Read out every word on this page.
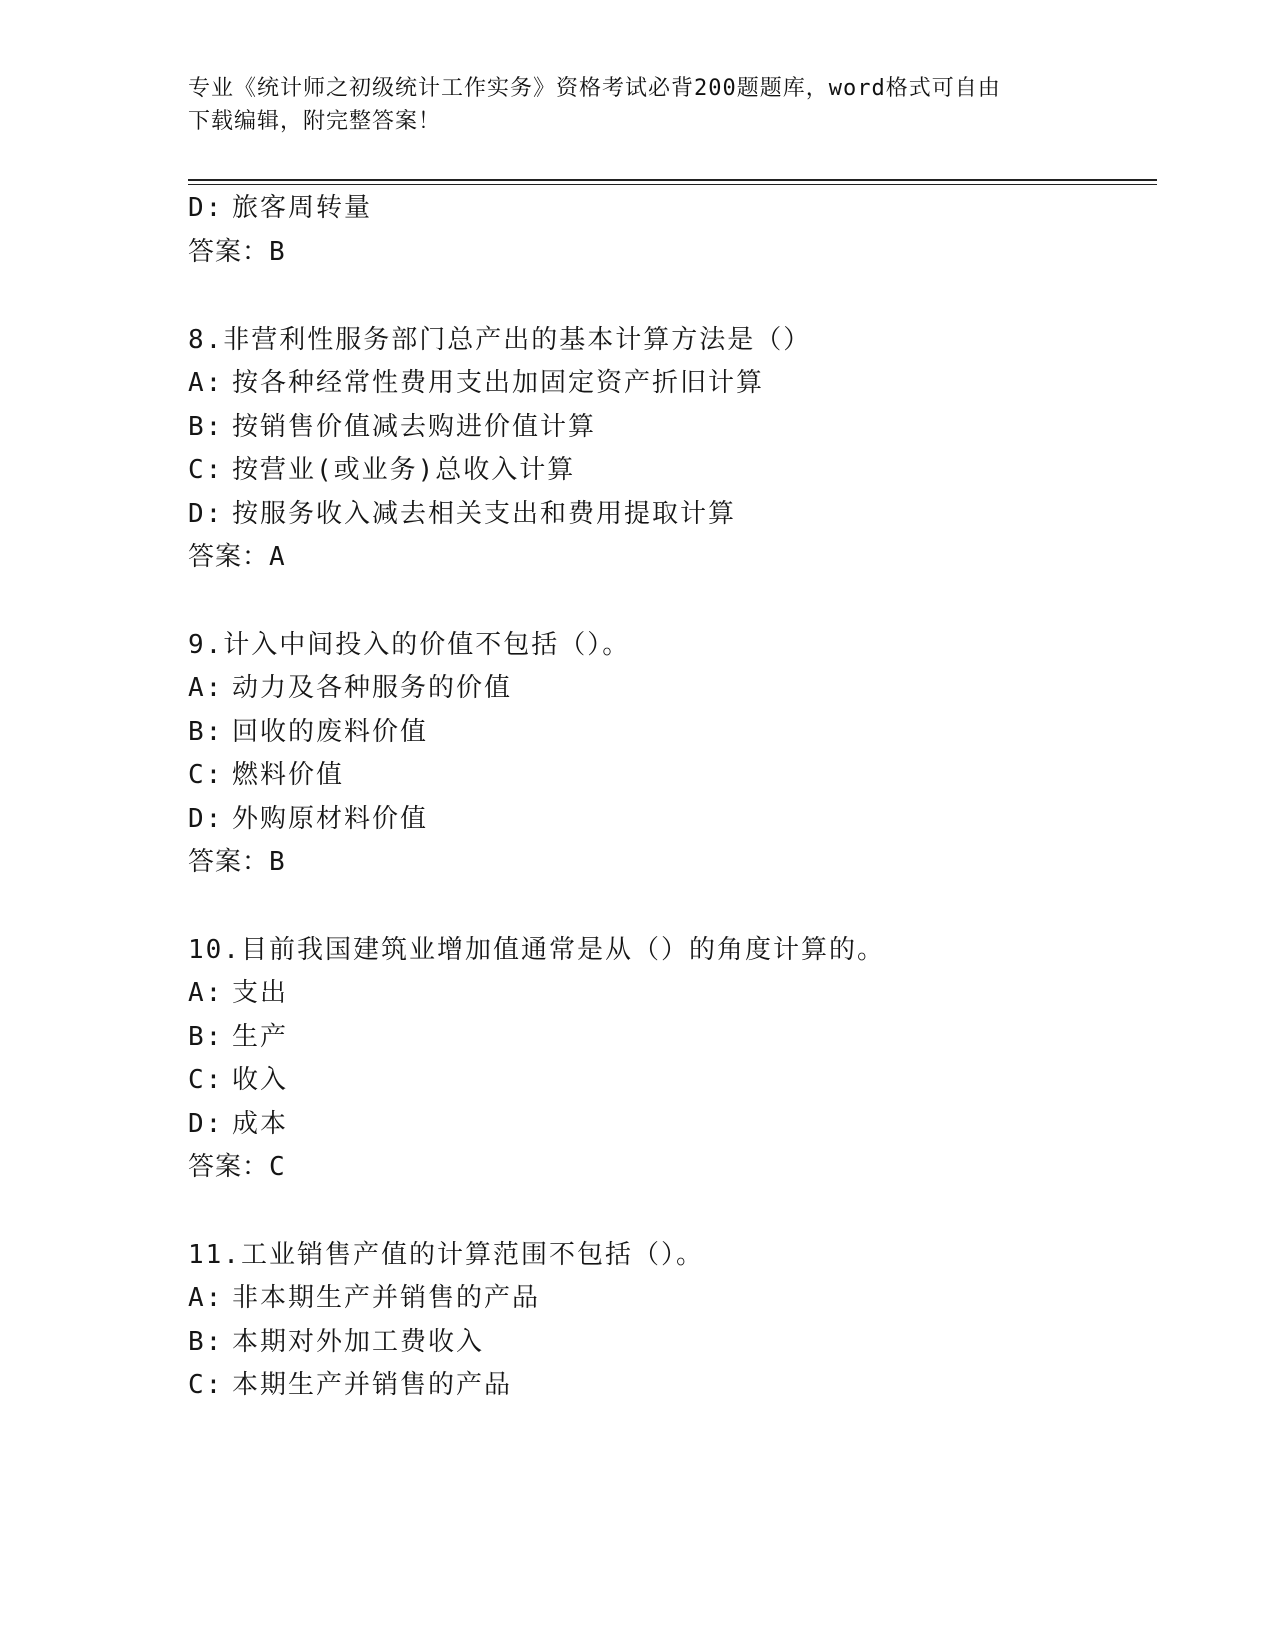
专业《统计师之初级统计工作实务》资格考试必背200题题库，word格式可自由
下载编辑，附完整答案！
D: 旅客周转量
答案：B
8.非营利性服务部门总产出的基本计算方法是（）
A: 按各种经常性费用支出加固定资产折旧计算
B: 按销售价值减去购进价值计算
C: 按营业(或业务)总收入计算
D: 按服务收入减去相关支出和费用提取计算
答案：A
9.计入中间投入的价值不包括（）。
A: 动力及各种服务的价值
B: 回收的废料价值
C: 燃料价值
D: 外购原材料价值
答案：B
10.目前我国建筑业增加值通常是从（）的角度计算的。
A: 支出
B: 生产
C: 收入
D: 成本
答案：C
11.工业销售产值的计算范围不包括（）。
A: 非本期生产并销售的产品
B: 本期对外加工费收入
C: 本期生产并销售的产品
